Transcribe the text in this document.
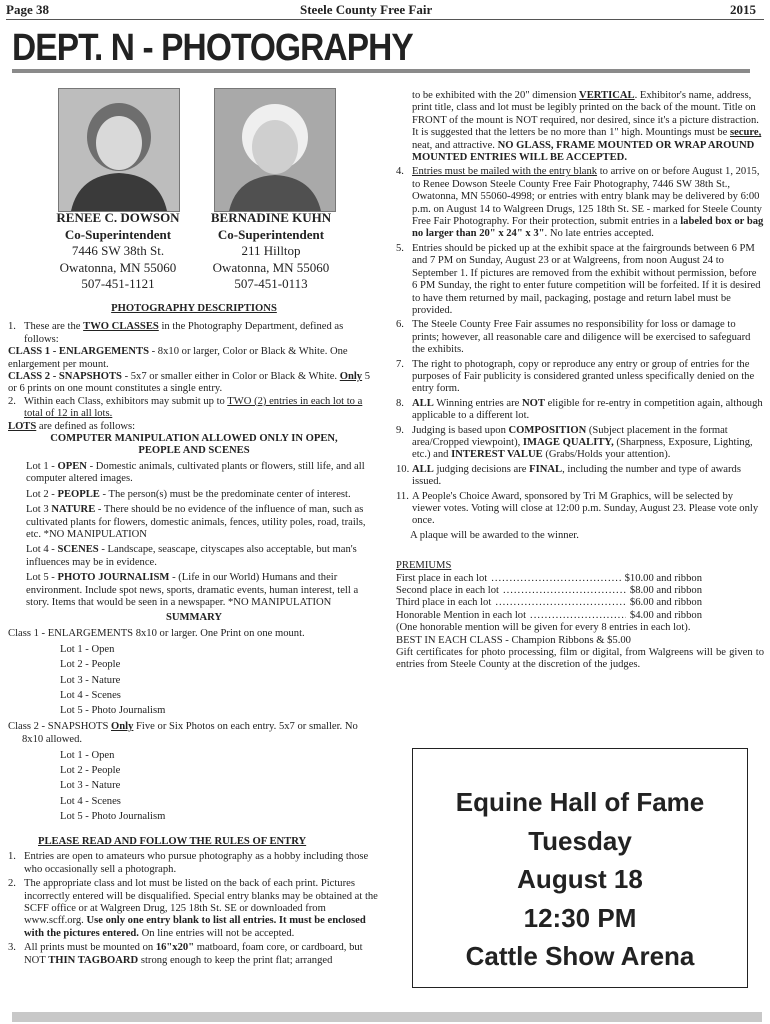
Page 38	Steele County Free Fair	2015
DEPT. N - PHOTOGRAPHY
RENEE C. DOWSON
Co-Superintendent
7446 SW 38th St.
Owatonna, MN 55060
507-451-1121
BERNADINE KUHN
Co-Superintendent
211 Hilltop
Owatonna, MN 55060
507-451-0113

PHOTOGRAPHY DESCRIPTIONS

1. These are the TWO CLASSES in the Photography Department, defined as follows:

CLASS 1 - ENLARGEMENTS - 8x10 or larger, Color or Black & White. One enlargement per mount.

CLASS 2 - SNAPSHOTS - 5x7 or smaller either in Color or Black & White. Only 5 or 6 prints on one mount constitutes a single entry.

2. Within each Class, exhibitors may submit up to TWO (2) entries in each lot to a total of 12 in all lots.

LOTS are defined as follows:

COMPUTER MANIPULATION ALLOWED ONLY IN OPEN, PEOPLE AND SCENES

Lot 1 - OPEN - Domestic animals, cultivated plants or flowers, still life, and all computer altered images.

Lot 2 - PEOPLE - The person(s) must be the predominate center of interest.

Lot 3 NATURE - There should be no evidence of the influence of man, such as cultivated plants for flowers, domestic animals, fences, utility poles, road, trails, etc. *NO MANIPULATION

Lot 4 - SCENES - Landscape, seascape, cityscapes also acceptable, but man's influences may be in evidence.

Lot 5 - PHOTO JOURNALISM - (Life in our World) Humans and their environment. Include spot news, sports, dramatic events, human interest, tell a story. Items that would be seen in a newspaper. *NO MANIPULATION

SUMMARY

Class 1 - ENLARGEMENTS 8x10 or larger. One Print on one mount.

Lot 1 - Open
Lot 2 - People
Lot 3 - Nature
Lot 4 - Scenes
Lot 5 - Photo Journalism

Class 2 - SNAPSHOTS Only Five or Six Photos on each entry. 5x7 or smaller. No 8x10 allowed.

Lot 1 - Open
Lot 2 - People
Lot 3 - Nature
Lot 4 - Scenes
Lot 5 - Photo Journalism

PLEASE READ AND FOLLOW THE RULES OF ENTRY

1. Entries are open to amateurs who pursue photography as a hobby including those who occasionally sell a photograph.

2. The appropriate class and lot must be listed on the back of each print. Pictures incorrectly entered will be disqualified. Special entry blanks may be obtained at the SCFF office or at Walgreen Drug, 125 18th St. SE or downloaded from www.scff.org. Use only one entry blank to list all entries. It must be enclosed with the pictures entered. On line entries will not be accepted.

3. All prints must be mounted on 16"x20" matboard, foam core, or cardboard, but NOT THIN TAGBOARD strong enough to keep the print flat; arranged

to be exhibited with the 20" dimension VERTICAL. Exhibitor's name, address, print title, class and lot must be legibly printed on the back of the mount. Title on FRONT of the mount is NOT required, nor desired, since it's a picture distraction. It is suggested that the letters be no more than 1" high. Mountings must be secure, neat, and attractive. NO GLASS, FRAME MOUNTED OR WRAP AROUND MOUNTED ENTRIES WILL BE ACCEPTED.

4. Entries must be mailed with the entry blank to arrive on or before August 1, 2015, to Renee Dowson Steele County Free Fair Photography, 7446 SW 38th St., Owatonna, MN 55060-4998; or entries with entry blank may be delivered by 6:00 p.m. on August 14 to Walgreen Drugs, 125 18th St. SE - marked for Steele County Free Fair Photography. For their protection, submit entries in a labeled box or bag no larger than 20" x 24" x 3". No late entries accepted.

5. Entries should be picked up at the exhibit space at the fairgrounds between 6 PM and 7 PM on Sunday, August 23 or at Walgreens, from noon August 24 to September 1. If pictures are removed from the exhibit without permission, before 6 PM Sunday, the right to enter future competition will be forfeited. If it is desired to have them returned by mail, packaging, postage and return label must be provided.

6. The Steele County Free Fair assumes no responsibility for loss or damage to prints; however, all reasonable care and diligence will be exercised to safeguard the exhibits.

7. The right to photograph, copy or reproduce any entry or group of entries for the purposes of Fair publicity is considered granted unless specifically denied on the entry form.

8. ALL Winning entries are NOT eligible for re-entry in competition again, although applicable to a different lot.

9. Judging is based upon COMPOSITION (Subject placement in the format area/Cropped viewpoint), IMAGE QUALITY, (Sharpness, Exposure, Lighting, etc.) and INTEREST VALUE (Grabs/Holds your attention).

10. ALL judging decisions are FINAL, including the number and type of awards issued.

11. A People's Choice Award, sponsored by Tri M Graphics, will be selected by viewer votes. Voting will close at 12:00 p.m. Sunday, August 23. Please vote only once.

A plaque will be awarded to the winner.

PREMIUMS

First place in each lot .....	$10.00 and ribbon
Second place in each lot .....	$8.00 and ribbon
Third place in each lot .....	$6.00 and ribbon
Honorable Mention in each lot .....	$4.00 and ribbon

(One honorable mention will be given for every 8 entries in each lot).

BEST IN EACH CLASS - Champion Ribbons & $5.00

Gift certificates for photo processing, film or digital, from Walgreens will be given to entries from Steele County at the discretion of the judges.

Equine Hall of Fame
Tuesday
August 18
12:30 PM
Cattle Show Arena
